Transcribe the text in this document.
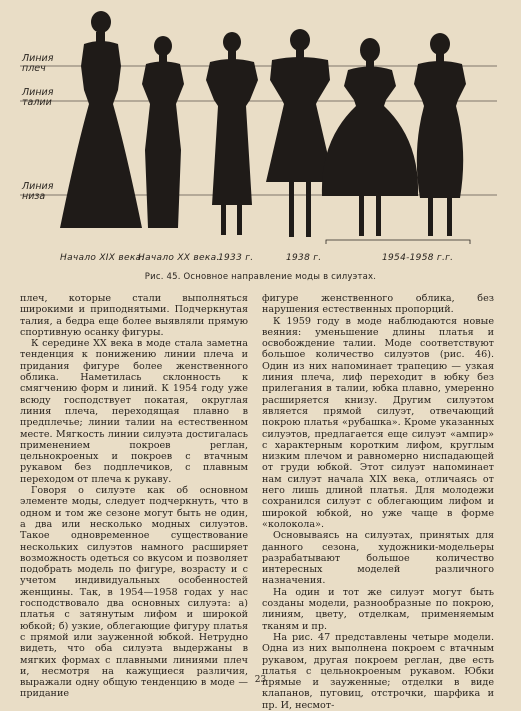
Линия
плеч
Линия
талии
Линия
низа
Начало XIX века.
Начало XX века.
1933 г.	1938 г.	1954-1958 г.г.
Рис. 45. Основное направление моды в силуэтах.

плеч, которые стали выполняться широкими и приподнятыми. Подчеркнутая талия, а бедра еще более выявляли прямую спортивную осанку фигуры.

К середине XX века в моде стала заметна тенденция к понижению линии плеча и придания фигуре более женственного облика. Наметилась склонность к смягчению форм и линий. К 1954 году уже всюду господствует покатая, округлая линия плеча, переходящая плавно в предплечье; линии талии на естественном месте. Мягкость линии силуэта достигалась применением покроев реглан, цельнокроеных и покроев с втачным рукавом без подплечиков, с плавным переходом от плеча к рукаву.

Говоря о силуэте как об основном элементе моды, следует подчеркнуть, что в одном и том же сезоне могут быть не один, а два или несколько модных силуэтов. Такое одновременное существование нескольких силуэтов намного расширяет возможность одеться со вкусом и позволяет подобрать модель по фигуре, возрасту и с учетом индивидуальных особенностей женщины. Так, в 1954—1958 годах у нас господствовало два основных силуэта: а) платья с затянутым лифом и широкой юбкой; б) узкие, облегающие фигуру платья с прямой или зауженной юбкой. Нетрудно видеть, что оба силуэта выдержаны в мягких формах с плавными линиями плеч и, несмотря на кажущиеся различия, выражали одну общую тенденцию в моде — придание

фигуре женственного облика, без нарушения естественных пропорций.

К 1959 году в моде наблюдаются новые веяния: уменьшение длины платья и освобождение талии. Моде соответствуют большое количество силуэтов (рис. 46). Один из них напоминает трапецию — узкая линия плеча, лиф переходит в юбку без прилегания в талии, юбка плавно, умеренно расширяется книзу. Другим силуэтом является прямой силуэт, отвечающий покрою платья «рубашка». Кроме указанных силуэтов, предлагается еще силуэт «ампир» с характерным коротким лифом, круглым низким плечом и равномерно ниспадающей от груди юбкой. Этот силуэт напоминает нам силуэт начала XIX века, отличаясь от него лишь длиной платья. Для молодежи сохранился силуэт с облегающим лифом и широкой юбкой, но уже чаще в форме «колокола».

Основываясь на силуэтах, принятых для данного сезона, художники-модельеры разрабатывают большое количество интересных моделей различного назначения.

На один и тот же силуэт могут быть созданы модели, разнообразные по покрою, линиям, цвету, отделкам, применяемым тканям и пр.

На рис. 47 представлены четыре модели. Одна из них выполнена покроем с втачным рукавом, другая покроем реглан, две есть платья с цельнокроеным рукавом. Юбки прямые и зауженные; отделки в виде клапанов, пуговиц, отстрочки, шарфика и пр. И, несмот-

23
